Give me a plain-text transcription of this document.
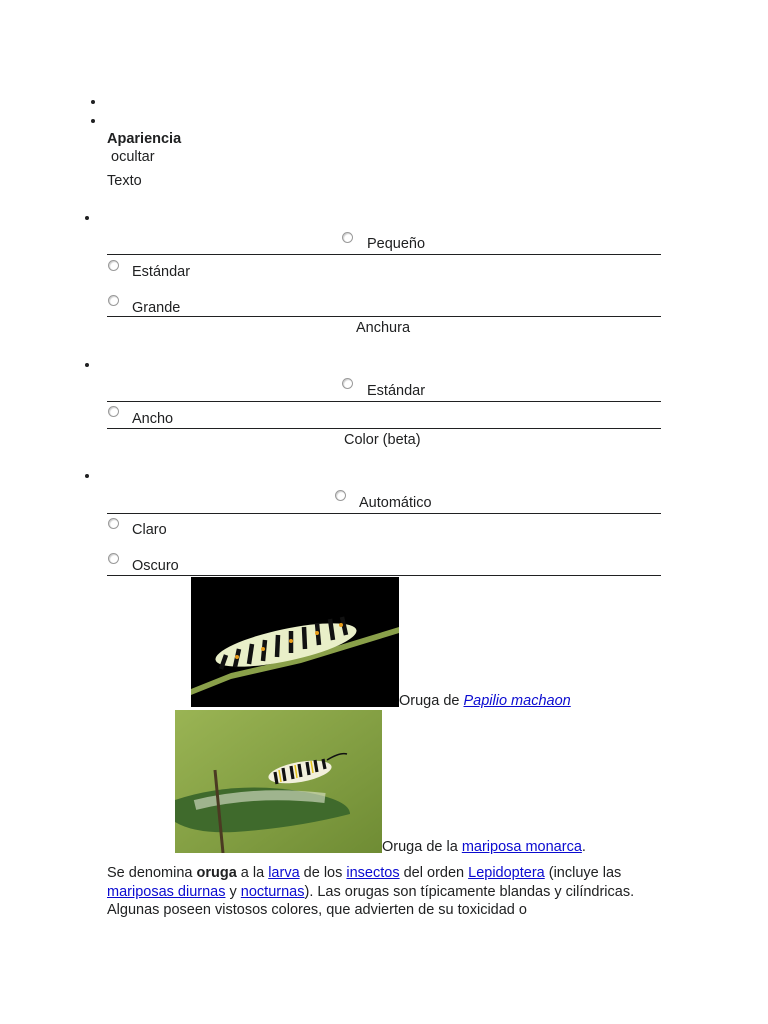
Apariencia
ocultar
Texto
Pequeño
Estándar
Grande
Anchura
Estándar
Ancho
Color (beta)
Automático
Claro
Oscuro
Oruga de Papilio machaon
Oruga de la mariposa monarca.
Se denomina oruga a la larva de los insectos del orden Lepidoptera (incluye las mariposas diurnas y nocturnas). Las orugas son típicamente blandas y cilíndricas. Algunas poseen vistosos colores, que advierten de su toxicidad o
